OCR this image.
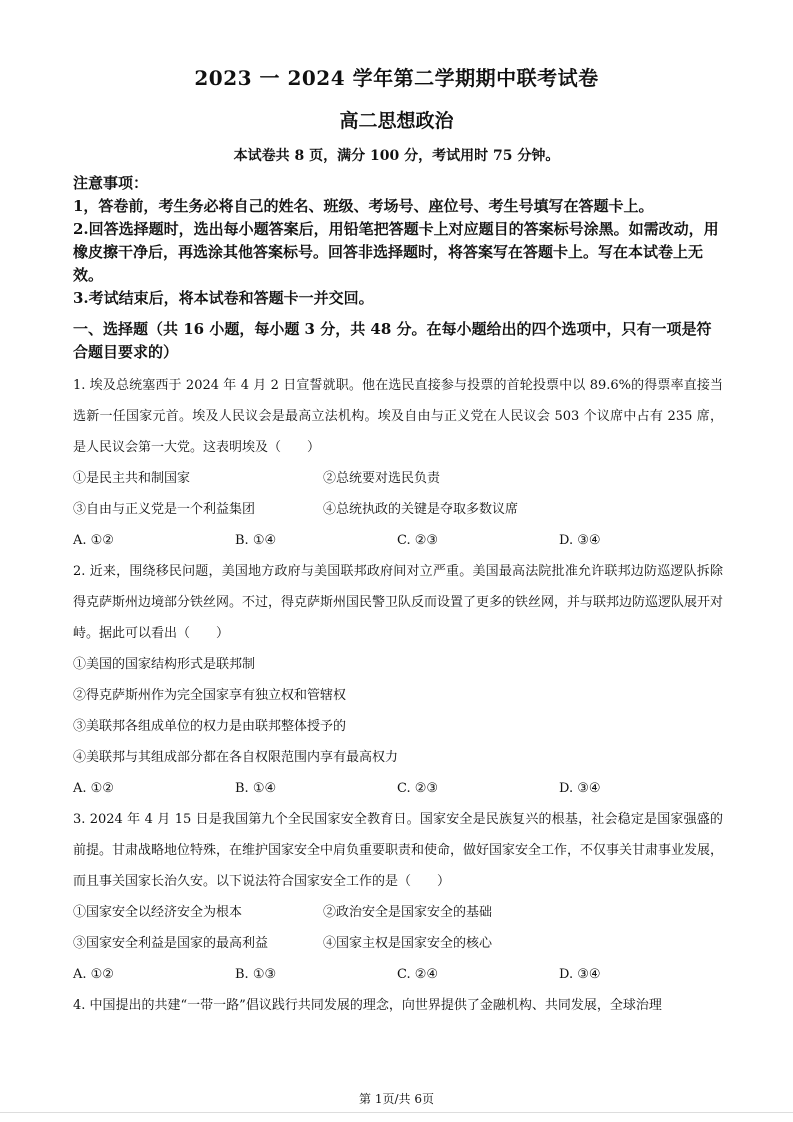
2023 一 2024 学年第二学期期中联考试卷
高二思想政治
本试卷共 8 页，满分 100 分，考试用时 75 分钟。
注意事项：
1，答卷前，考生务必将自己的姓名、班级、考场号、座位号、考生号填写在答题卡上。
2.回答选择题时，选出每小题答案后，用铅笔把答题卡上对应题目的答案标号涂黑。如需改动，用橡皮擦干净后，再选涂其他答案标号。回答非选择题时，将答案写在答题卡上。写在本试卷上无效。
3.考试结束后，将本试卷和答题卡一并交回。
一、选择题（共 16 小题，每小题 3 分，共 48 分。在每小题给出的四个选项中，只有一项是符合题目要求的）
1. 埃及总统塞西于 2024 年 4 月 2 日宣誓就职。他在选民直接参与投票的首轮投票中以 89.6%的得票率直接当选新一任国家元首。埃及人民议会是最高立法机构。埃及自由与正义党在人民议会 503 个议席中占有 235 席，是人民议会第一大党。这表明埃及（　　）
①是民主共和制国家	②总统要对选民负责
③自由与正义党是一个利益集团	④总统执政的关键是夺取多数议席
A. ①②	B. ①④	C. ②③	D. ③④
2. 近来，围绕移民问题，美国地方政府与美国联邦政府间对立严重。美国最高法院批准允许联邦边防巡逻队拆除得克萨斯州边境部分铁丝网。不过，得克萨斯州国民警卫队反而设置了更多的铁丝网，并与联邦边防巡逻队展开对峙。据此可以看出（　　）
①美国的国家结构形式是联邦制
②得克萨斯州作为完全国家享有独立权和管辖权
③美联邦各组成单位的权力是由联邦整体授予的
④美联邦与其组成部分都在各自权限范围内享有最高权力
A. ①②	B. ①④	C. ②③	D. ③④
3. 2024 年 4 月 15 日是我国第九个全民国家安全教育日。国家安全是民族复兴的根基，社会稳定是国家强盛的前提。甘肃战略地位特殊，在维护国家安全中肩负重要职责和使命，做好国家安全工作，不仅事关甘肃事业发展，而且事关国家长治久安。以下说法符合国家安全工作的是（　　）
①国家安全以经济安全为根本	②政治安全是国家安全的基础
③国家安全利益是国家的最高利益	④国家主权是国家安全的核心
A. ①②	B. ①③	C. ②④	D. ③④
4. 中国提出的共建“一带一路”倡议践行共同发展的理念，向世界提供了金融机构、共同发展，全球治理
第 1页/共 6页
